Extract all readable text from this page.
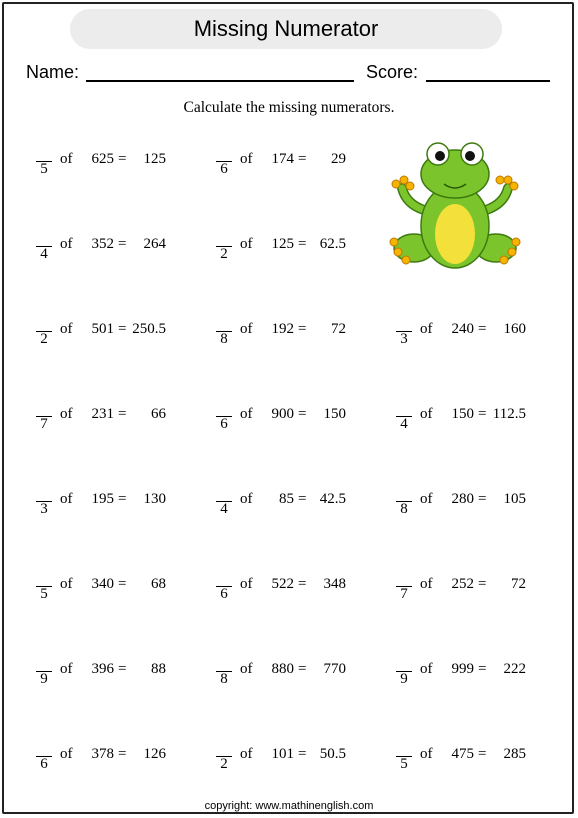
Missing Numerator
Name:	Score:
Calculate the missing numerators.
5
of	625 =	125
6
of	174 =	29
4
of	352 =	264
2
of	125 = 62.5
2
of	501 = 250.5
8
of	192 =	72
3
of	240 =	160
7
of	231 =	66
6
of	900 =	150
4
of	150 = 112.5
3
of	195 =	130
4
of	85 = 42.5
8
of	280 =	105
5
of	340 =	68
6
of	522 =	348
7
of	252 =	72
9
of	396 =	88
8
of	880 =	770
9
of	999 =	222
6
of	378 =	126
2
of	101 = 50.5
5
of	475 =	285
copyright: www.mathinenglish.com
